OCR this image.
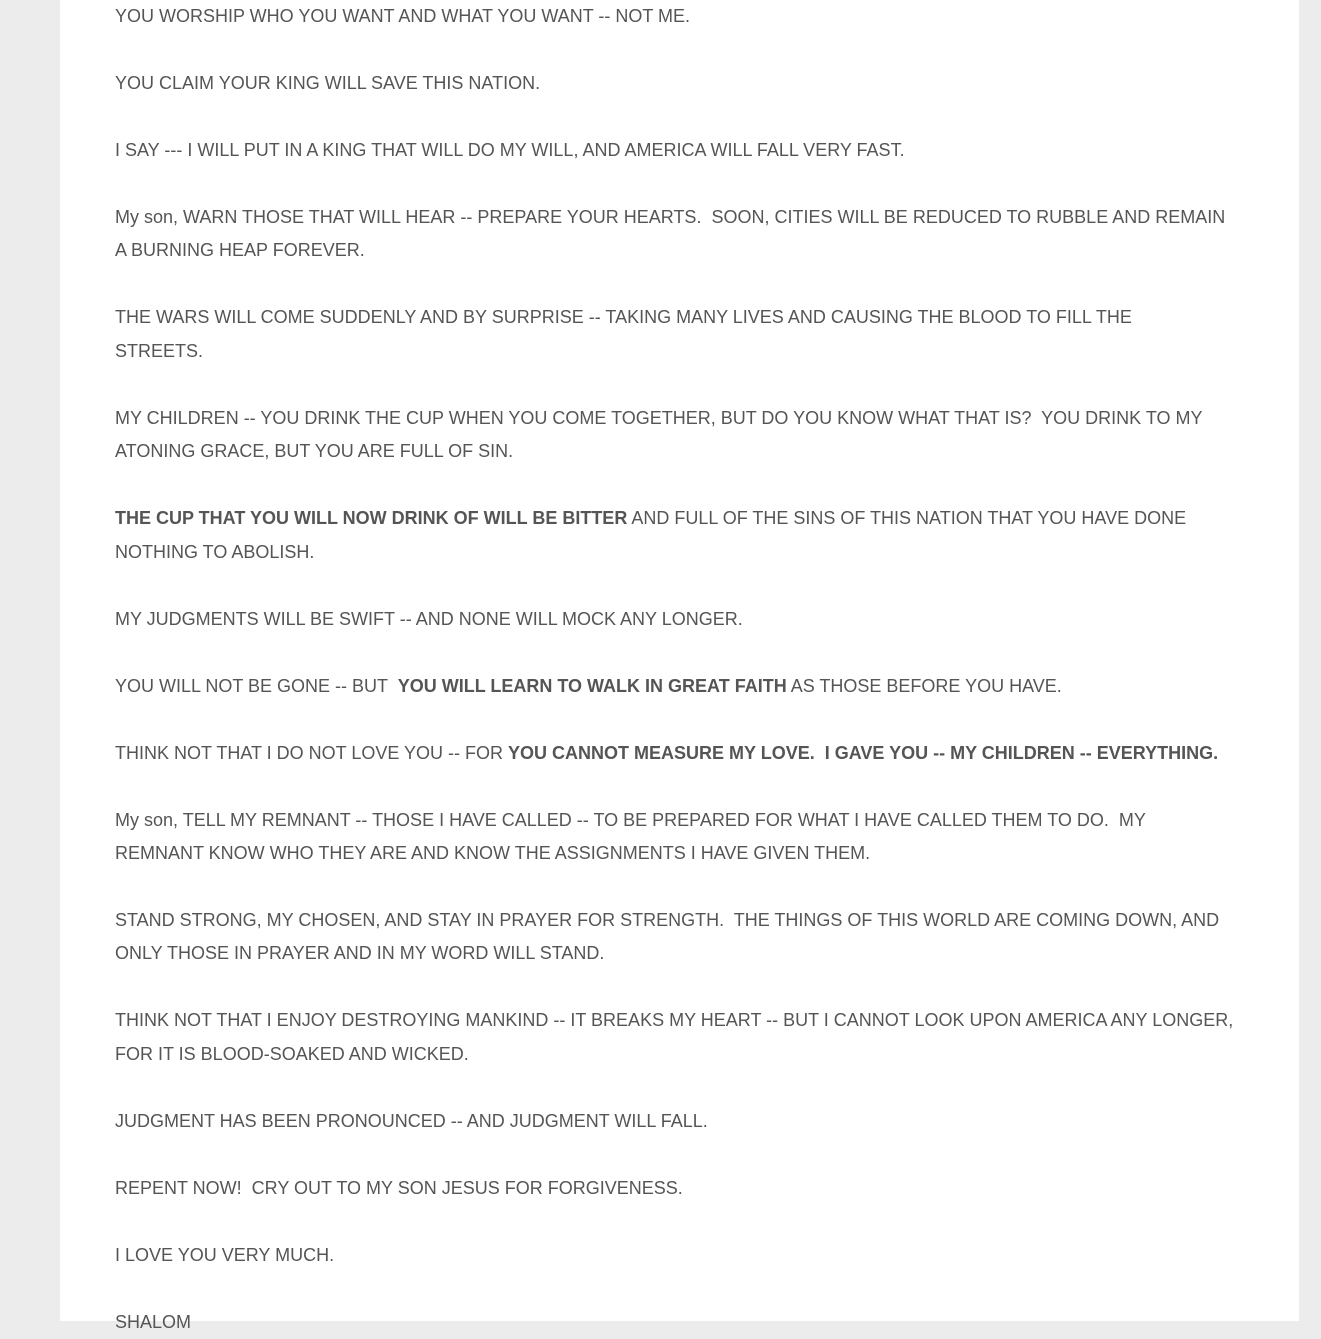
YOU WORSHIP WHO YOU WANT AND WHAT YOU WANT -- NOT ME.
YOU CLAIM YOUR KING WILL SAVE THIS NATION.
I SAY --- I WILL PUT IN A KING THAT WILL DO MY WILL, AND AMERICA WILL FALL VERY FAST.
My son, WARN THOSE THAT WILL HEAR -- PREPARE YOUR HEARTS.  SOON, CITIES WILL BE REDUCED TO RUBBLE AND REMAIN
A BURNING HEAP FOREVER.
THE WARS WILL COME SUDDENLY AND BY SURPRISE -- TAKING MANY LIVES AND CAUSING THE BLOOD TO FILL THE
STREETS.
MY CHILDREN -- YOU DRINK THE CUP WHEN YOU COME TOGETHER, BUT DO YOU KNOW WHAT THAT IS?  YOU DRINK TO MY
ATONING GRACE, BUT YOU ARE FULL OF SIN.
THE CUP THAT YOU WILL NOW DRINK OF WILL BE BITTER AND FULL OF THE SINS OF THIS NATION THAT YOU HAVE DONE
NOTHING TO ABOLISH.
MY JUDGMENTS WILL BE SWIFT -- AND NONE WILL MOCK ANY LONGER.
YOU WILL NOT BE GONE -- BUT  YOU WILL LEARN TO WALK IN GREAT FAITH AS THOSE BEFORE YOU HAVE.
THINK NOT THAT I DO NOT LOVE YOU -- FOR YOU CANNOT MEASURE MY LOVE.  I GAVE YOU -- MY CHILDREN -- EVERYTHING.
My son, TELL MY REMNANT -- THOSE I HAVE CALLED -- TO BE PREPARED FOR WHAT I HAVE CALLED THEM TO DO.  MY
REMNANT KNOW WHO THEY ARE AND KNOW THE ASSIGNMENTS I HAVE GIVEN THEM.
STAND STRONG, MY CHOSEN, AND STAY IN PRAYER FOR STRENGTH.  THE THINGS OF THIS WORLD ARE COMING DOWN, AND
ONLY THOSE IN PRAYER AND IN MY WORD WILL STAND.
THINK NOT THAT I ENJOY DESTROYING MANKIND -- IT BREAKS MY HEART -- BUT I CANNOT LOOK UPON AMERICA ANY LONGER,
FOR IT IS BLOOD-SOAKED AND WICKED.
JUDGMENT HAS BEEN PRONOUNCED -- AND JUDGMENT WILL FALL.
REPENT NOW!  CRY OUT TO MY SON JESUS FOR FORGIVENESS.
I LOVE YOU VERY MUCH.
SHALOM
